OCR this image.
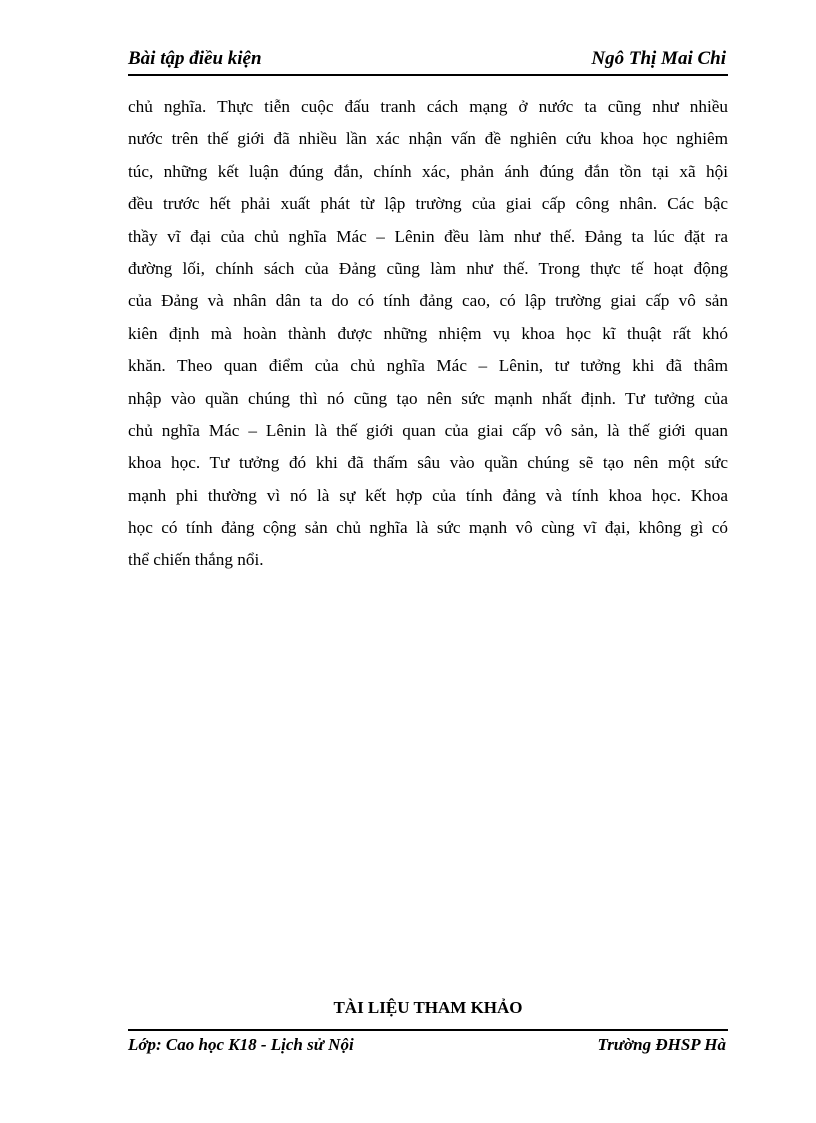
Bài tập điều kiện	Ngô Thị Mai Chi
chủ nghĩa. Thực tiễn cuộc đấu tranh cách mạng ở nước ta cũng như nhiều
nước trên thế giới đã nhiều lần xác nhận vấn đề nghiên cứu khoa học nghiêm
túc, những kết luận đúng đắn, chính xác, phản ánh đúng đắn tồn tại xã hội
đều trước hết phải xuất phát từ lập trường của giai cấp công nhân. Các bậc
thầy vĩ đại của chủ nghĩa Mác – Lênin đều làm như thế. Đảng ta lúc đặt ra
đường lối, chính sách của Đảng cũng làm như thế. Trong thực tế hoạt động
của Đảng và nhân dân ta do có tính đảng cao, có lập trường giai cấp vô sản
kiên định mà hoàn thành được những nhiệm vụ khoa học kĩ thuật rất khó
khăn. Theo quan điểm của chủ nghĩa Mác – Lênin, tư tưởng khi đã thâm
nhập vào quần chúng thì nó cũng tạo nên sức mạnh nhất định. Tư tưởng của
chủ nghĩa Mác – Lênin là thế giới quan của giai cấp vô sản, là thế giới quan
khoa học. Tư tưởng đó khi đã thấm sâu vào quần chúng sẽ tạo nên một sức
mạnh phi thường vì nó là sự kết hợp của tính đảng và tính khoa học. Khoa
học có tính đảng cộng sản chủ nghĩa là sức mạnh vô cùng vĩ đại, không gì có
thể chiến thắng nổi.
TÀI LIỆU THAM KHẢO
Lớp: Cao học K18 - Lịch sử Nội	Trường ĐHSP Hà
